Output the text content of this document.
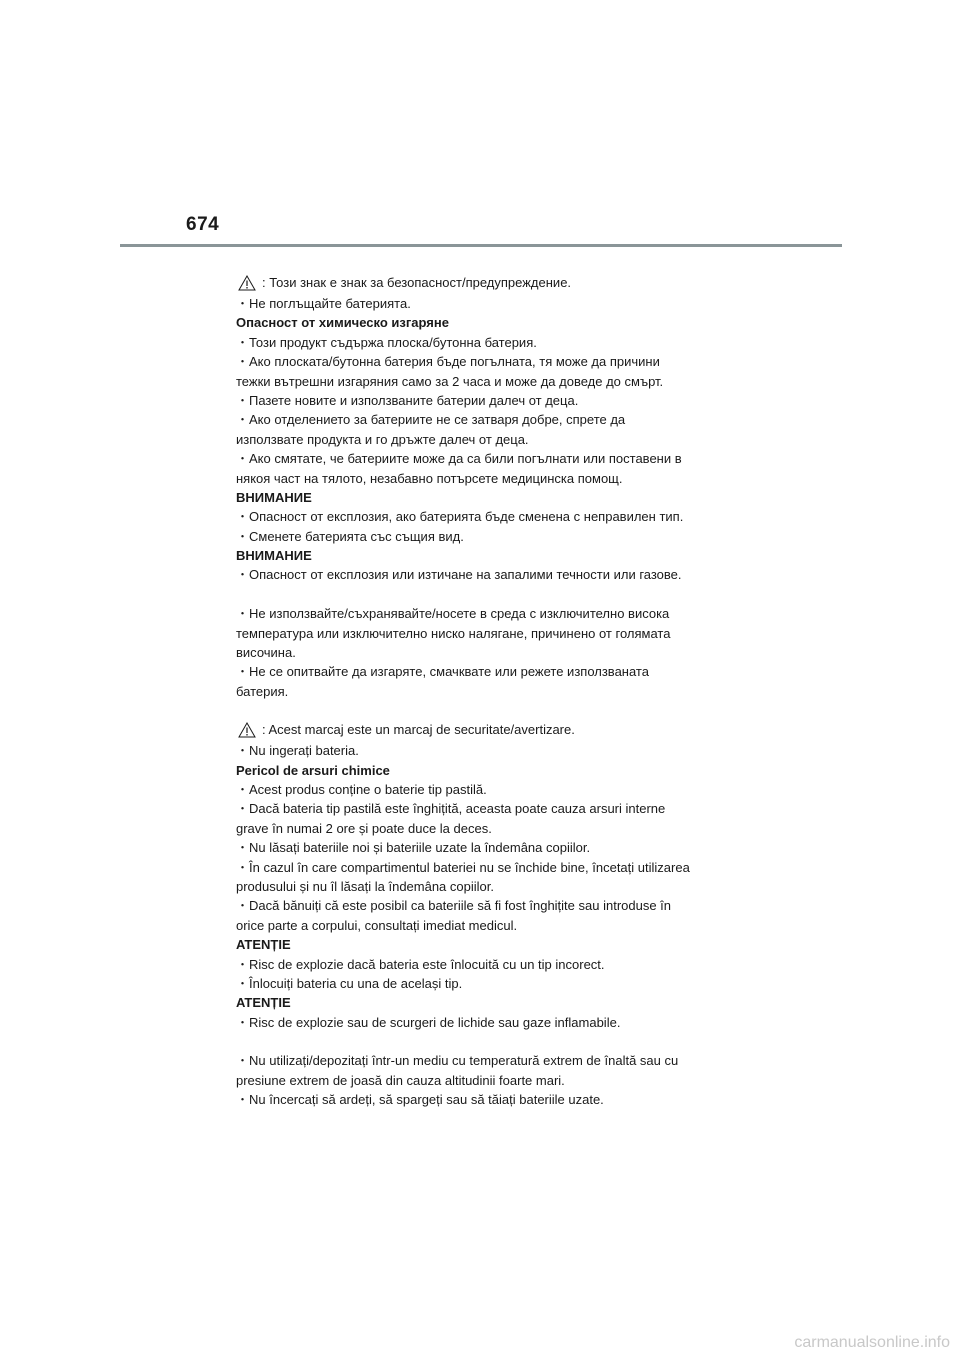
674
: Този знак е знак за безопасност/предупреждение.
・Не поглъщайте батерията.
Опасност от химическо изгаряне
・Този продукт съдържа плоска/бутонна батерия.
・Ако плоската/бутонна батерия бъде погълната, тя може да причини
тежки вътрешни изгаряния само за 2 часа и може да доведе до смърт.
・Пазете новите и използваните батерии далеч от деца.
・Ако отделението за батериите не се затваря добре, спрете да
използвате продукта и го дръжте далеч от деца.
・Ако смятате, че батериите може да са били погълнати или поставени в
някоя част на тялото, незабавно потърсете медицинска помощ.
ВНИМАНИЕ
・Опасност от експлозия, ако батерията бъде сменена с неправилен тип.
・Сменете батерията със същия вид.
ВНИМАНИЕ
・Опасност от експлозия или изтичане на запалими течности или газове.
・Не използвайте/съхранявайте/носете в среда с изключително висока
температура или изключително ниско налягане, причинено от голямата
височина.
・Не се опитвайте да изгаряте, смачквате или режете използваната
батерия.
: Acest marcaj este un marcaj de securitate/avertizare.
・Nu ingerați bateria.
Pericol de arsuri chimice
・Acest produs conține o baterie tip pastilă.
・Dacă bateria tip pastilă este înghițită, aceasta poate cauza arsuri interne
grave în numai 2 ore și poate duce la deces.
・Nu lăsați bateriile noi și bateriile uzate la îndemâna copiilor.
・În cazul în care compartimentul bateriei nu se închide bine, încetați utilizarea
produsului și nu îl lăsați la îndemâna copiilor.
・Dacă bănuiți că este posibil ca bateriile să fi fost înghițite sau introduse în
orice parte a corpului, consultați imediat medicul.
ATENȚIE
・Risc de explozie dacă bateria este înlocuită cu un tip incorect.
・Înlocuiți bateria cu una de același tip.
ATENȚIE
・Risc de explozie sau de scurgeri de lichide sau gaze inflamabile.
・Nu utilizați/depozitați într-un mediu cu temperatură extrem de înaltă sau cu
presiune extrem de joasă din cauza altitudinii foarte mari.
・Nu încercați să ardeți, să spargeți sau să tăiați bateriile uzate.
carmanualsonline.info
